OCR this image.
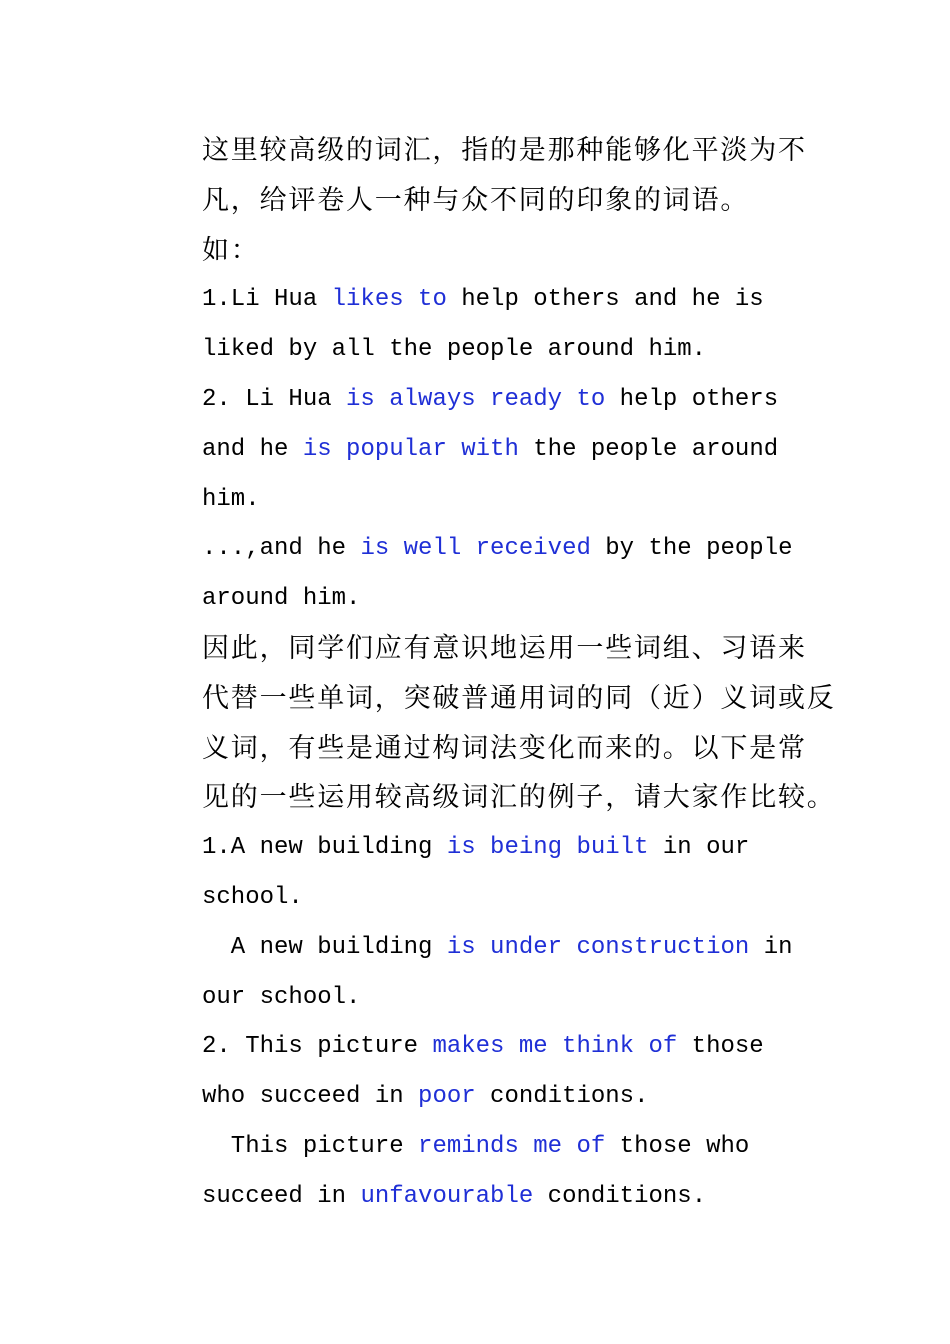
这里较高级的词汇，指的是那种能够化平淡为不
凡，给评卷人一种与众不同的印象的词语。
如：
1.Li Hua likes to help others and he is
liked by all the people around him.
2. Li Hua is always ready to help others
and he is popular with the people around
him.
...,and he is well received by the people
around him.
因此，同学们应有意识地运用一些词组、习语来
代替一些单词，突破普通用词的同（近）义词或反
义词，有些是通过构词法变化而来的。以下是常
见的一些运用较高级词汇的例子，请大家作比较。
1.A new building is being built in our
school.
A new building is under construction in
our school.
2. This picture makes me think of those
who succeed in poor conditions.
This picture reminds me of those who
succeed in unfavourable conditions.
